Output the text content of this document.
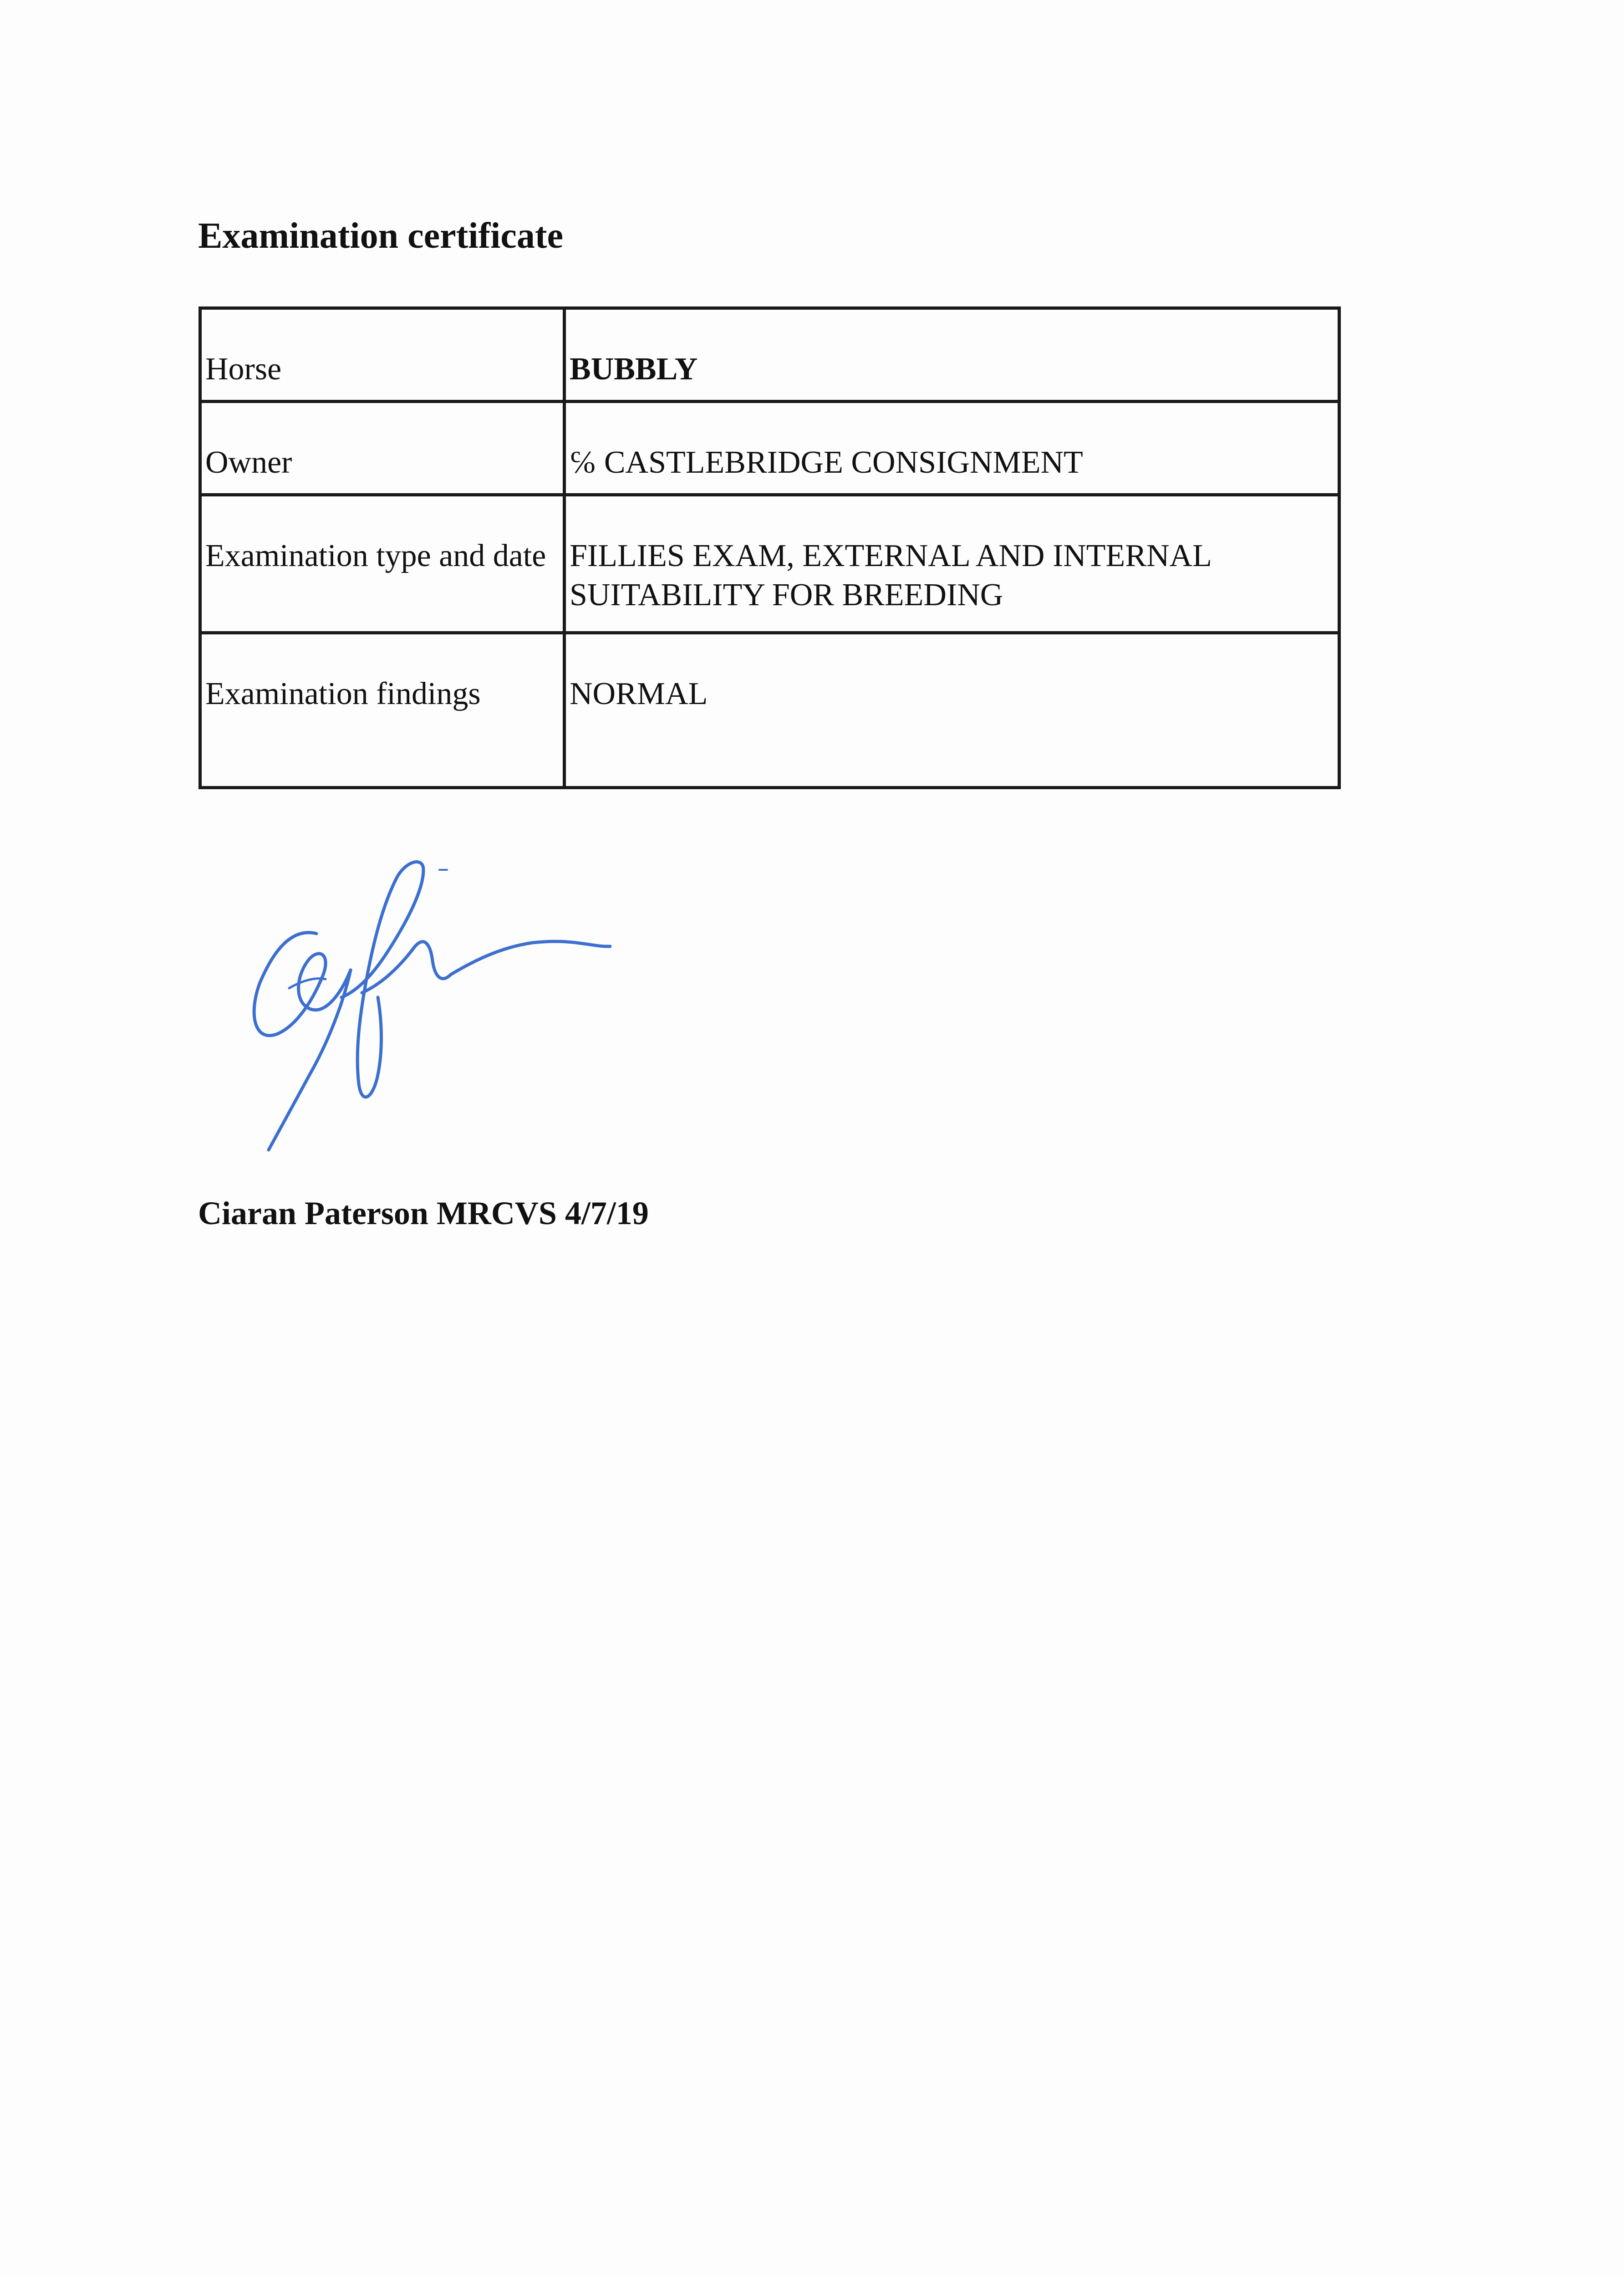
Examination certificate
Horse	BUBBLY
Owner	℅ CASTLEBRIDGE CONSIGNMENT
Examination type and date	FILLIES EXAM, EXTERNAL AND INTERNAL SUITABILITY FOR BREEDING
Examination findings	NORMAL

Ciaran Paterson MRCVS 4/7/19
